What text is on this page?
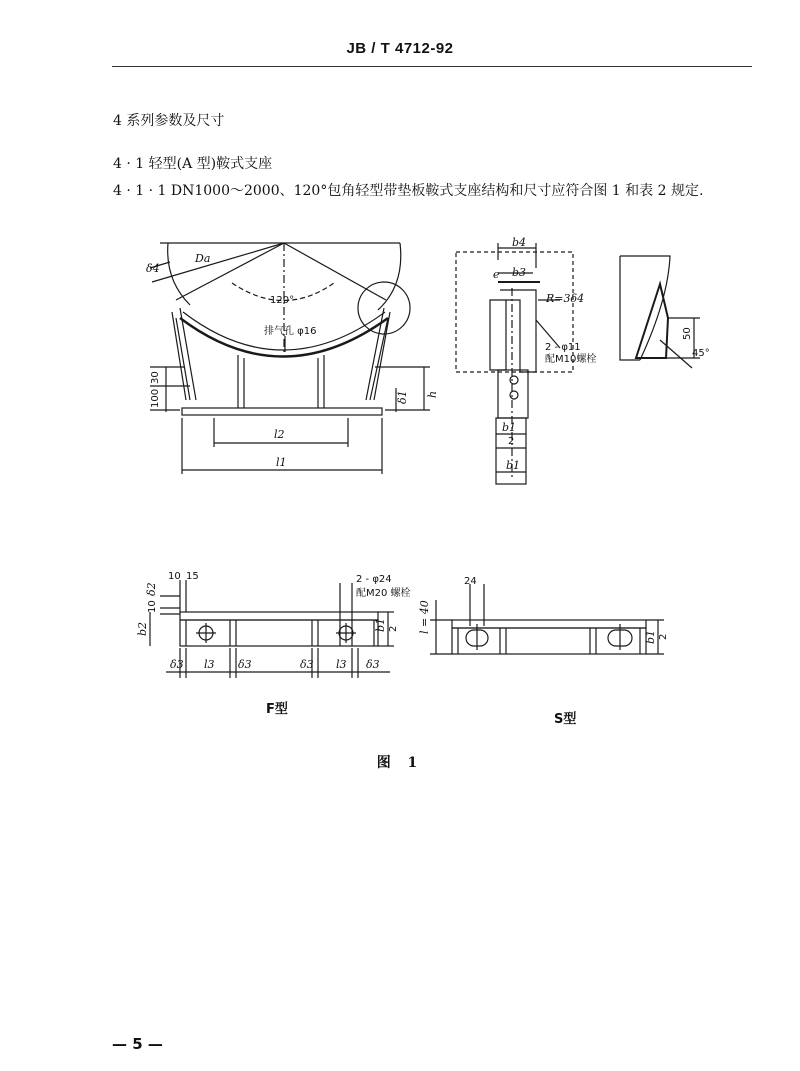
JB / T 4712-92
4 系列参数及尺寸
4 · 1 轻型(A 型)鞍式支座
4 · 1 · 1 DN1000～2000、120°包角轻型带垫板鞍式支座结构和尺寸应符合图 1 和表 2 规定.
δ4
Da
120°
排气孔 φ16
100
30
δ1 h
l2
l1
b4
e b3
R=3δ4
2 - φ11
配M10螺栓
b1
2
b1
50
45°
10 15
10
δ2
b2
2 - φ24
配M20 螺栓
b1 2
δ3 l3 δ3	δ3 l3 δ3
24
l = 40
b1 2
F型
S型
图 1
— 5 —
